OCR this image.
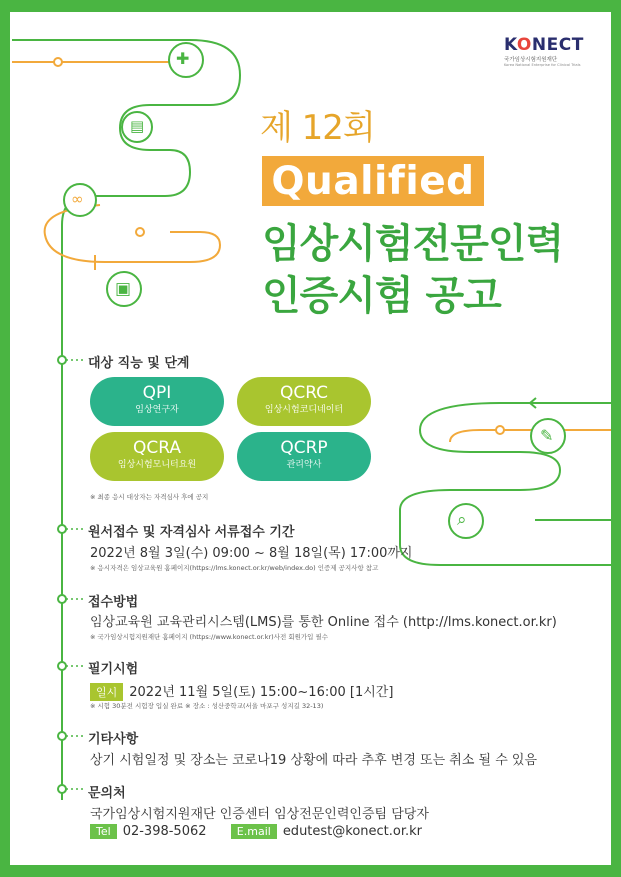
✚
▤
∞
▣
✎
⌕
KONECT
국가임상시험지원재단
Korea National Enterprise for Clinical Trials
제 12회
Qualified
임상시험전문인력
인증시험 공고
대상 직능 및 단계
QPI
임상연구자
QCRC
임상시험코디네이터
QCRA
임상시험모니터요원
QCRP
관리약사
※ 최종 응시 대상자는 자격심사 후에 공지
원서접수 및 자격심사 서류접수 기간
2022년 8월 3일(수) 09:00 ~ 8월 18일(목) 17:00까지
※ 응시자격은 임상교육원 홈페이지(https://lms.konect.or.kr/web/index.do) 인증제 공지사항 참고
접수방법
임상교육원 교육관리시스템(LMS)를 통한 Online 접수 (http://lms.konect.or.kr)
※ 국가임상시험지원재단 홈페이지 (https://www.konect.or.kr)사전 회원가입 필수
필기시험
일시 2022년 11월 5일(토) 15:00~16:00 [1시간]
※ 시험 30분전 시험장 입실 완료 ※ 장소 : 성산중학교(서울 마포구 성지길 32-13)
기타사항
상기 시험일정 및 장소는 코로나19 상황에 따라 추후 변경 또는 취소 될 수 있음
문의처
국가임상시험지원재단 인증센터 임상전문인력인증팀 담당자
Tel 02-398-5062	E.mail edutest@konect.or.kr
